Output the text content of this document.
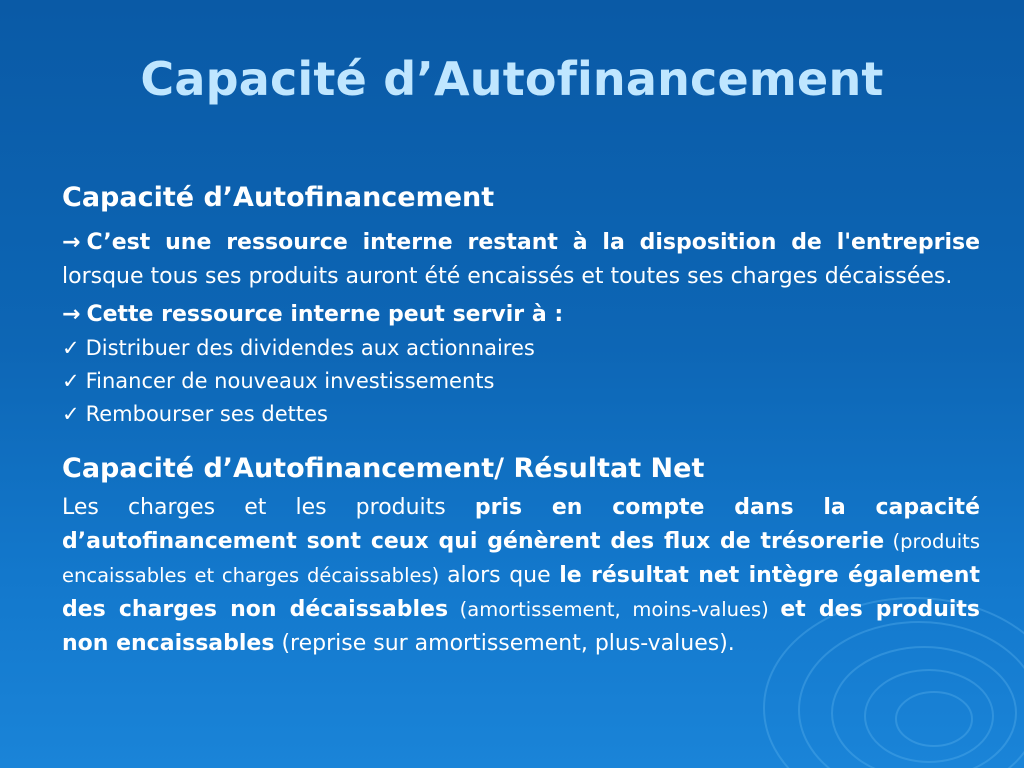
Capacité d’Autofinancement
Capacité d’Autofinancement

→ C’est une ressource interne restant à la disposition de l'entreprise lorsque tous ses produits auront été encaissés et toutes ses charges décaissées.

→ Cette ressource interne peut servir à :

✓ Distribuer des dividendes aux actionnaires
✓ Financer de nouveaux investissements
✓ Rembourser ses dettes
Capacité d’Autofinancement/ Résultat Net

Les charges et les produits pris en compte dans la capacité d’autofinancement sont ceux qui génèrent des flux de trésorerie (produits encaissables et charges décaissables) alors que le résultat net intègre également des charges non décaissables (amortissement, moins-values) et des produits non encaissables (reprise sur amortissement, plus-values).
